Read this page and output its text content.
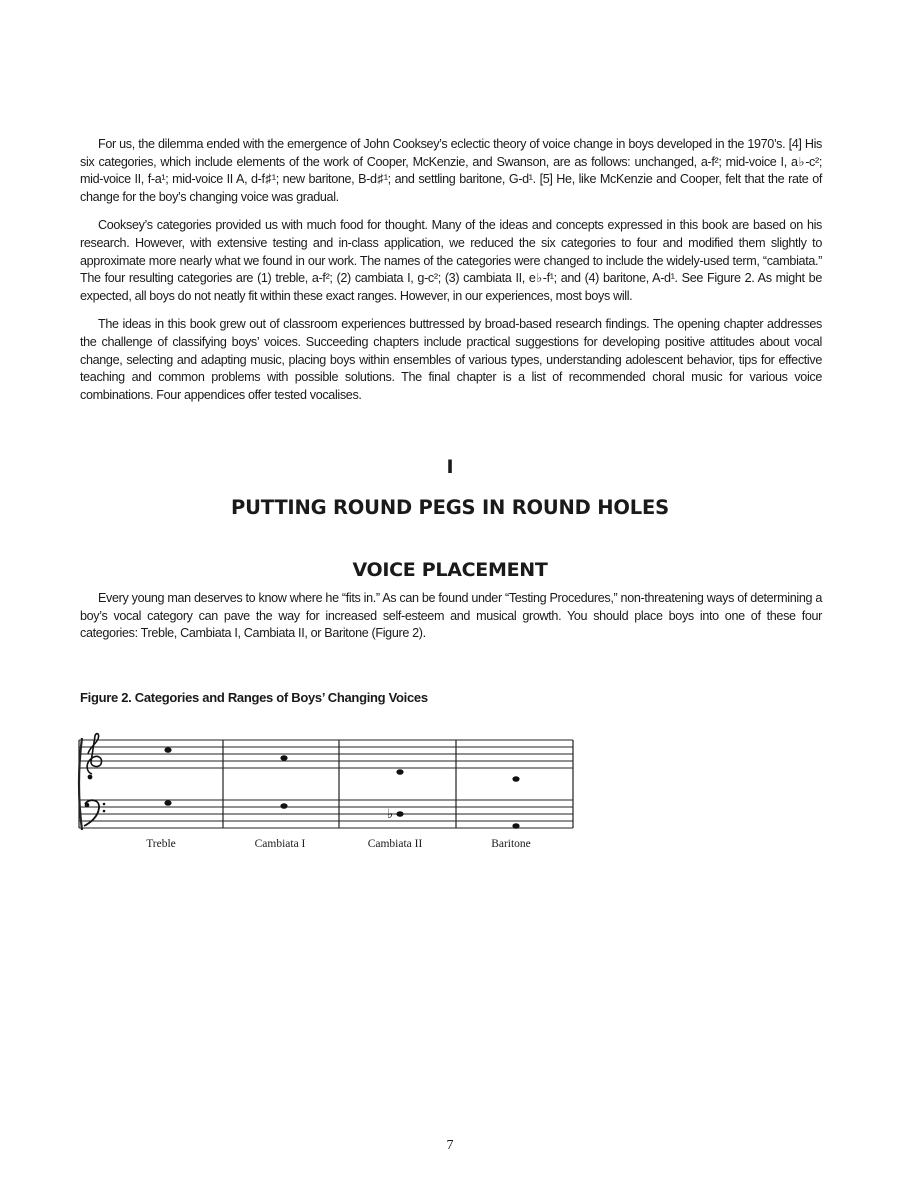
For us, the dilemma ended with the emergence of John Cooksey’s eclectic theory of voice change in boys developed in the 1970’s. [4] His six categories, which include elements of the work of Cooper, McKenzie, and Swanson, are as follows: unchanged, a-f²; mid-voice I, a♭-c²; mid-voice II, f-a¹; mid-voice II A, d-f♯¹; new baritone, B-d♯¹; and settling baritone, G-d¹. [5] He, like McKenzie and Cooper, felt that the rate of change for the boy’s changing voice was gradual.

Cooksey’s categories provided us with much food for thought. Many of the ideas and concepts expressed in this book are based on his research. However, with extensive testing and in-class application, we reduced the six categories to four and modified them slightly to approximate more nearly what we found in our work. The names of the categories were changed to include the widely-used term, “cambiata.” The four resulting categories are (1) treble, a-f²; (2) cambiata I, g-c²; (3) cambiata II, e♭-f¹; and (4) baritone, A-d¹. See Figure 2. As might be expected, all boys do not neatly fit within these exact ranges. However, in our experiences, most boys will.

The ideas in this book grew out of classroom experiences buttressed by broad-based research findings. The opening chapter addresses the challenge of classifying boys’ voices. Succeeding chapters include practical suggestions for developing positive attitudes about vocal change, selecting and adapting music, placing boys within ensembles of various types, understanding adolescent behavior, tips for effective teaching and common problems with possible solutions. The final chapter is a list of recommended choral music for various voice combinations. Four appendices offer tested vocalises.

I
PUTTING ROUND PEGS IN ROUND HOLES
VOICE PLACEMENT

Every young man deserves to know where he “fits in.” As can be found under “Testing Procedures,” non-threatening ways of determining a boy’s vocal category can pave the way for increased self-esteem and musical growth. You should place boys into one of these four categories: Treble, Cambiata I, Cambiata II, or Baritone (Figure 2).

Figure 2. Categories and Ranges of Boys’ Changing Voices
♭
Treble	Cambiata I	Cambiata II	Baritone
7
